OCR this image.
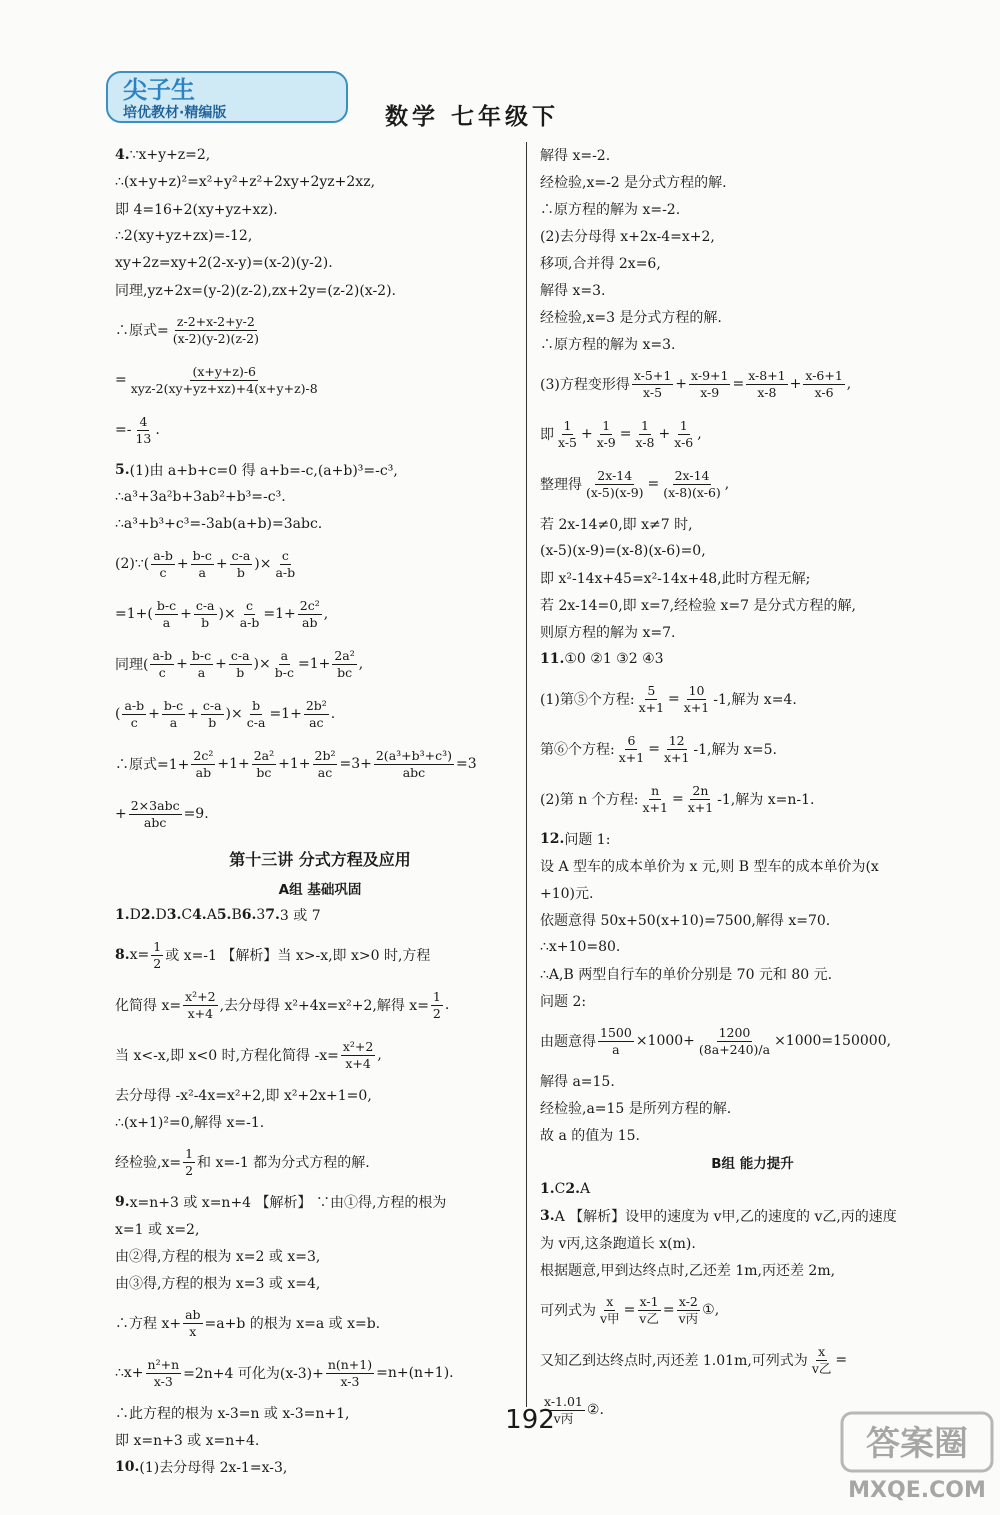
尖子生
培优教材·精编版	数学 七年级下
4. ∵x+y+z=2,
∴(x+y+z)²=x²+y²+z²+2xy+2yz+2xz,
即 4=16+2(xy+yz+xz).
∴2(xy+yz+zx)=-12,
xy+2z=xy+2(2-x-y)=(x-2)(y-2).
同理,yz+2x=(y-2)(z-2),zx+2y=(z-2)(x-2).
∴原式= $\frac{z-2+x-2+y-2}{(x-2)(y-2)(z-2)}$
= $\frac{(x+y+z)-6}{\text{xyz-2(xy+yz+xz)+4(x+y+z)-8}}$
=- $\frac{4}{13}$ .
5. (1)由 a+b+c=0 得 a+b=-c,(a+b)³=-c³,
∴a³+3a²b+3ab²+b³=-c³.
∴a³+b³+c³=-3ab(a+b)=3abc.
(2)∵( $\frac{a-b}{c} + \frac{b-c}{a} + \frac{c-a}{b}$ )× $\frac{c}{a-b}$
$=1+( \frac{b-c}{a} + \frac{c-a}{b}$ )× $\frac{c}{a-b} =1+ \frac{\text{2c²}}{ab}$ ,
同理( $\frac{a-b}{c} + \frac{b-c}{a} + \frac{c-a}{b}$ )× $\frac{a}{b-c} =1+ \frac{\text{2a²}}{bc}$ ,
( $\frac{a-b}{c} + \frac{b-c}{a} + \frac{c-a}{b}$ )× $\frac{b}{c-a} =1+ \frac{\text{2b²}}{ac}$ .
∴原式$=1+ \frac{\text{2c²}}{ab} +1+ \frac{\text{2a²}}{bc} +1+ \frac{\text{2b²}}{ac} =3+ \frac{\text{2(a³+b³+c³)}}{\text{abc}} =3$
+ $\frac{\text{2×3abc}}{\text{abc}} =9$.
第十三讲 分式方程及应用
A组 基础巩固
1. D 2. D 3. C 4. A 5. B 6. 3 7. 3 或 7
8. $x= \frac{1}{2}$ 或 x=-1 【解析】当 x>-x,即 x>0 时,方程
化简得 $x= \frac{\text{x²+2}}{x+4}$ ,去分母得 x²+4x=x²+2,解得 $x= \frac{1}{2}$ .
当 x<-x,即 x<0 时,方程化简得 $-x= \frac{\text{x²+2}}{x+4}$ ,
去分母得 -x²-4x=x²+2,即 x²+2x+1=0,
∴(x+1)²=0,解得 x=-1.
经检验$,x= \frac{1}{2}$ 和 x=-1 都为分式方程的解.
9. x=n+3 或 x=n+4 【解析】 ∵由①得,方程的根为
x=1 或 x=2,
由②得,方程的根为 x=2 或 x=3,
由③得,方程的根为 x=3 或 x=4,
∴方程 $x+ \frac{ab}{x} =a+b$ 的根为 x=a 或 x=b.
∴x+ $\frac{\text{n²+n}}{x-3} =2n+4$ 可化为$(x-3)+ \frac{n(n+1)}{x-3} =n+(n+1)$.
∴此方程的根为 x-3=n 或 x-3=n+1,
即 x=n+3 或 x=n+4.
10. (1)去分母得 2x-1=x-3,
解得 x=-2.
经检验,x=-2 是分式方程的解.
∴原方程的解为 x=-2.
(2)去分母得 x+2x-4=x+2,
移项,合并得 2x=6,
解得 x=3.
经检验,x=3 是分式方程的解.
∴原方程的解为 x=3.
(3)方程变形得 $\frac{x-5+1}{x-5} + \frac{x-9+1}{x-9} = \frac{x-8+1}{x-8} + \frac{x-6+1}{x-6}$ ,
即 $\frac{1}{x-5} + \frac{1}{x-9} = \frac{1}{x-8} + \frac{1}{x-6}$ ,
整理得 $\frac{2x-14}{(x-5)(x-9)} = \frac{2x-14}{(x-8)(x-6)}$ ,
若 2x-14≠0,即 x≠7 时,
(x-5)(x-9)=(x-8)(x-6)=0,
即 x²-14x+45=x²-14x+48,此时方程无解;
若 2x-14=0,即 x=7,经检验 x=7 是分式方程的解,
则原方程的解为 x=7.
11. ①0 ②1 ③2 ④3
(1)第⑤个方程: $\frac{5}{x+1} = \frac{10}{x+1} -1$,解为 x=4.
第⑥个方程: $\frac{6}{x+1} = \frac{12}{x+1} -1$,解为 x=5.
(2)第 n 个方程: $\frac{n}{x+1} = \frac{2n}{x+1} -1$,解为 x=n-1.
12. 问题 1:
设 A 型车的成本单价为 x 元,则 B 型车的成本单价为(x
+10)元.
依题意得 50x+50(x+10)=7500,解得 x=70.
∴x+10=80.
∴A,B 两型自行车的单价分别是 70 元和 80 元.
问题 2:
由题意得 $\frac{1500}{a} \times 1000+ \frac{1200}{(8a+240)/a} \times 1000=150000$,
解得 a=15.
经检验,a=15 是所列方程的解.
故 a 的值为 15.
B组 能力提升
1. C 2. A
3. A 【解析】设甲的速度为 v甲,乙的速度的 v乙,丙的速度
为 v丙,这条跑道长 x(m).
根据题意,甲到达终点时,乙还差 1m,丙还差 2m,
可列式为 $\frac{x}{\text{v甲}} = \frac{x-1}{\text{v乙}} = \frac{x-2}{\text{v丙}}$ ①,
又知乙到达终点时,丙还差 1.01m,可列式为 $\frac{x}{\text{v乙}}$ =
$\frac{x-1.01}{\text{v丙}}$ ②.
192
答案圈
MXQE.COM
